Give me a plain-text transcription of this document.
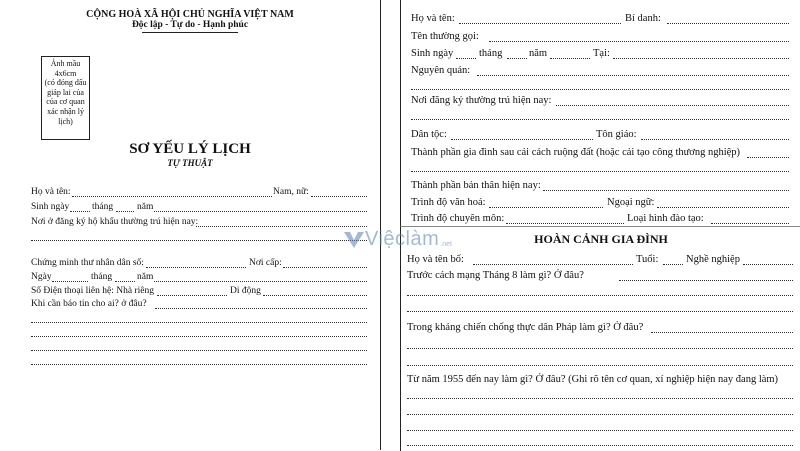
CỘNG HOÀ XÃ HỘI CHỦ NGHĨA VIỆT NAM
Độc lập - Tự do - Hạnh phúc
Ảnh mầu
4x6cm
(có đóng dấu
giáp lai của
của cơ quan
xác nhận lý
lịch)
SƠ YẾU LÝ LỊCH
TỰ THUẬT
Họ và tên:	Nam, nữ:
Sinh ngày tháng	năm
Nơi ở đăng ký hộ khẩu thường trú hiện nay:
Chứng minh thư nhân dân số:	Nơi cấp:
Ngày	tháng	năm
Số Điện thoại liên hệ: Nhà riêng	Di động
Khi cần báo tin cho ai? ở đâu?
Họ và tên:	Bí danh:
Tên thường gọi:
Sinh ngày tháng	năm	Tại:
Nguyên quán:
Nơi đăng ký thường trú hiện nay:
Dân tộc:	Tôn giáo:
Thành phần gia đình sau cải cách ruộng đất (hoặc cải tạo công thương nghiệp)
Thành phần bản thân hiện nay:
Trình độ văn hoá:	Ngoại ngữ:
Trình độ chuyên môn:	Loại hình đào tạo:
HOÀN CẢNH GIA ĐÌNH
Họ và tên bố:	Tuổi:	Nghề nghiệp
Trước cách mạng Tháng 8 làm gì? Ở đâu?
Trong kháng chiến chống thực dân Pháp làm gì? Ở đâu?
Từ năm 1955 đến nay làm gì? Ở đâu? (Ghi rõ tên cơ quan, xí nghiệp hiện nay đang làm)
Việclàm .net
